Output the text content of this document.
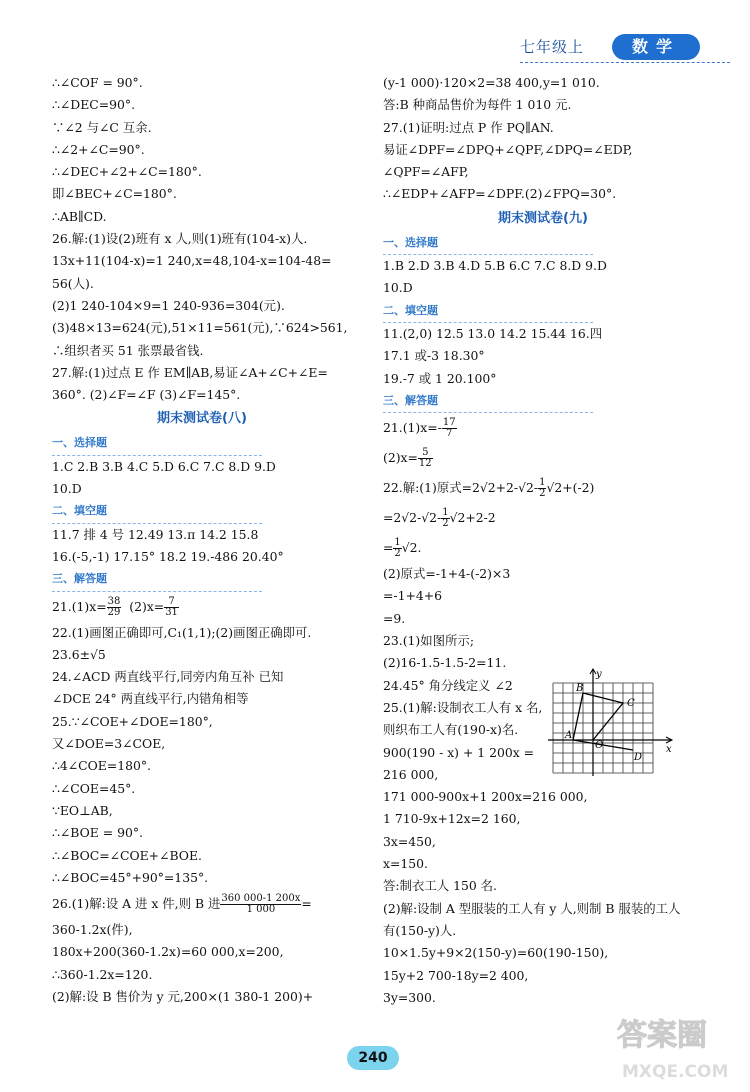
七年级上	数学
∴∠COF = 90°.
∴∠DEC=90°.
∵∠2 与∠C 互余.
∴∠2+∠C=90°.
∴∠DEC+∠2+∠C=180°.
即∠BEC+∠C=180°.
∴AB∥CD.
26.解:(1)设(2)班有 x 人,则(1)班有(104-x)人.
13x+11(104-x)=1 240,x=48,104-x=104-48=
56(人).
(2)1 240-104×9=1 240-936=304(元).
(3)48×13=624(元),51×11=561(元),∵624>561,
∴组织者买 51 张票最省钱.
27.解:(1)过点 E 作 EM∥AB,易证∠A+∠C+∠E=
360°. (2)∠F=∠F (3)∠F=145°.
期末测试卷(八)
一、选择题
1.C 2.B 3.B 4.C 5.D 6.C 7.C 8.D 9.D
10.D
二、填空题
11.7 排 4 号 12.49 13.π 14.2 15.8
16.(-5,-1) 17.15° 18.2 19.-486 20.40°
三、解答题
$21.(1)x= \frac{38}{29} (2)x= \frac{7}{31}$
22.(1)画图正确即可,C₁(1,1);(2)画图正确即可.
23.6±√5
24.∠ACD 两直线平行,同旁内角互补 已知
∠DCE 24° 两直线平行,内错角相等
25.∵∠COE+∠DOE=180°,
又∠DOE=3∠COE,
∴4∠COE=180°.
∴∠COE=45°.
∵EO⊥AB,
∴∠BOE = 90°.
∴∠BOC=∠COE+∠BOE.
∴∠BOC=45°+90°=135°.
26.(1)解:设 A 进 x 件,则 B 进 $\frac{360 000-1 200x}{1 000}$ =
360-1.2x(件),
180x+200(360-1.2x)=60 000,x=200,
∴360-1.2x=120.
(2)解:设 B 售价为 y 元,200×(1 380-1 200)+
(y-1 000)·120×2=38 400,y=1 010.
答:B 种商品售价为每件 1 010 元.
27.(1)证明:过点 P 作 PQ∥AN.
易证∠DPF=∠DPQ+∠QPF,∠DPQ=∠EDP,
∠QPF=∠AFP,
∴∠EDP+∠AFP=∠DPF.(2)∠FPQ=30°.
期末测试卷(九)
一、选择题
1.B 2.D 3.B 4.D 5.B 6.C 7.C 8.D 9.D
10.D
二、填空题
11.(2,0) 12.5 13.0 14.2 15.44 16.四
17.1 或-3 18.30°
19.-7 或 1 20.100°
三、解答题
$21.(1)x=- \frac{17}{7}$
$(2)x= \frac{5}{12}$
22.解:(1)原式$=2√2+2-√2- \frac{1}{2} √2+(-2)$
$=2√2-√2- \frac{1}{2} √2+2-2$
= $\frac{1}{2} √2$.
(2)原式=-1+4-(-2)×3
=-1+4+6
=9.
23.(1)如图所示;
(2)16-1.5-1.5-2=11.
24.45° 角分线定义 ∠2
25.(1)解:设制衣工人有 x 名,
则织布工人有(190-x)名.
900(190 - x) + 1 200x =
216 000,
171 000-900x+1 200x=216 000,
1 710-9x+12x=2 160,
3x=450,
x=150.
答:制衣工人 150 名.
(2)解:设制 A 型服装的工人有 y 人,则制 B 服装的工人
有(150-y)人.
10×1.5y+9×2(150-y)=60(190-150),
15y+2 700-18y=2 400,
3y=300.
y
B
C
A
O
D
x
240
答案圈
MXQE.COM
